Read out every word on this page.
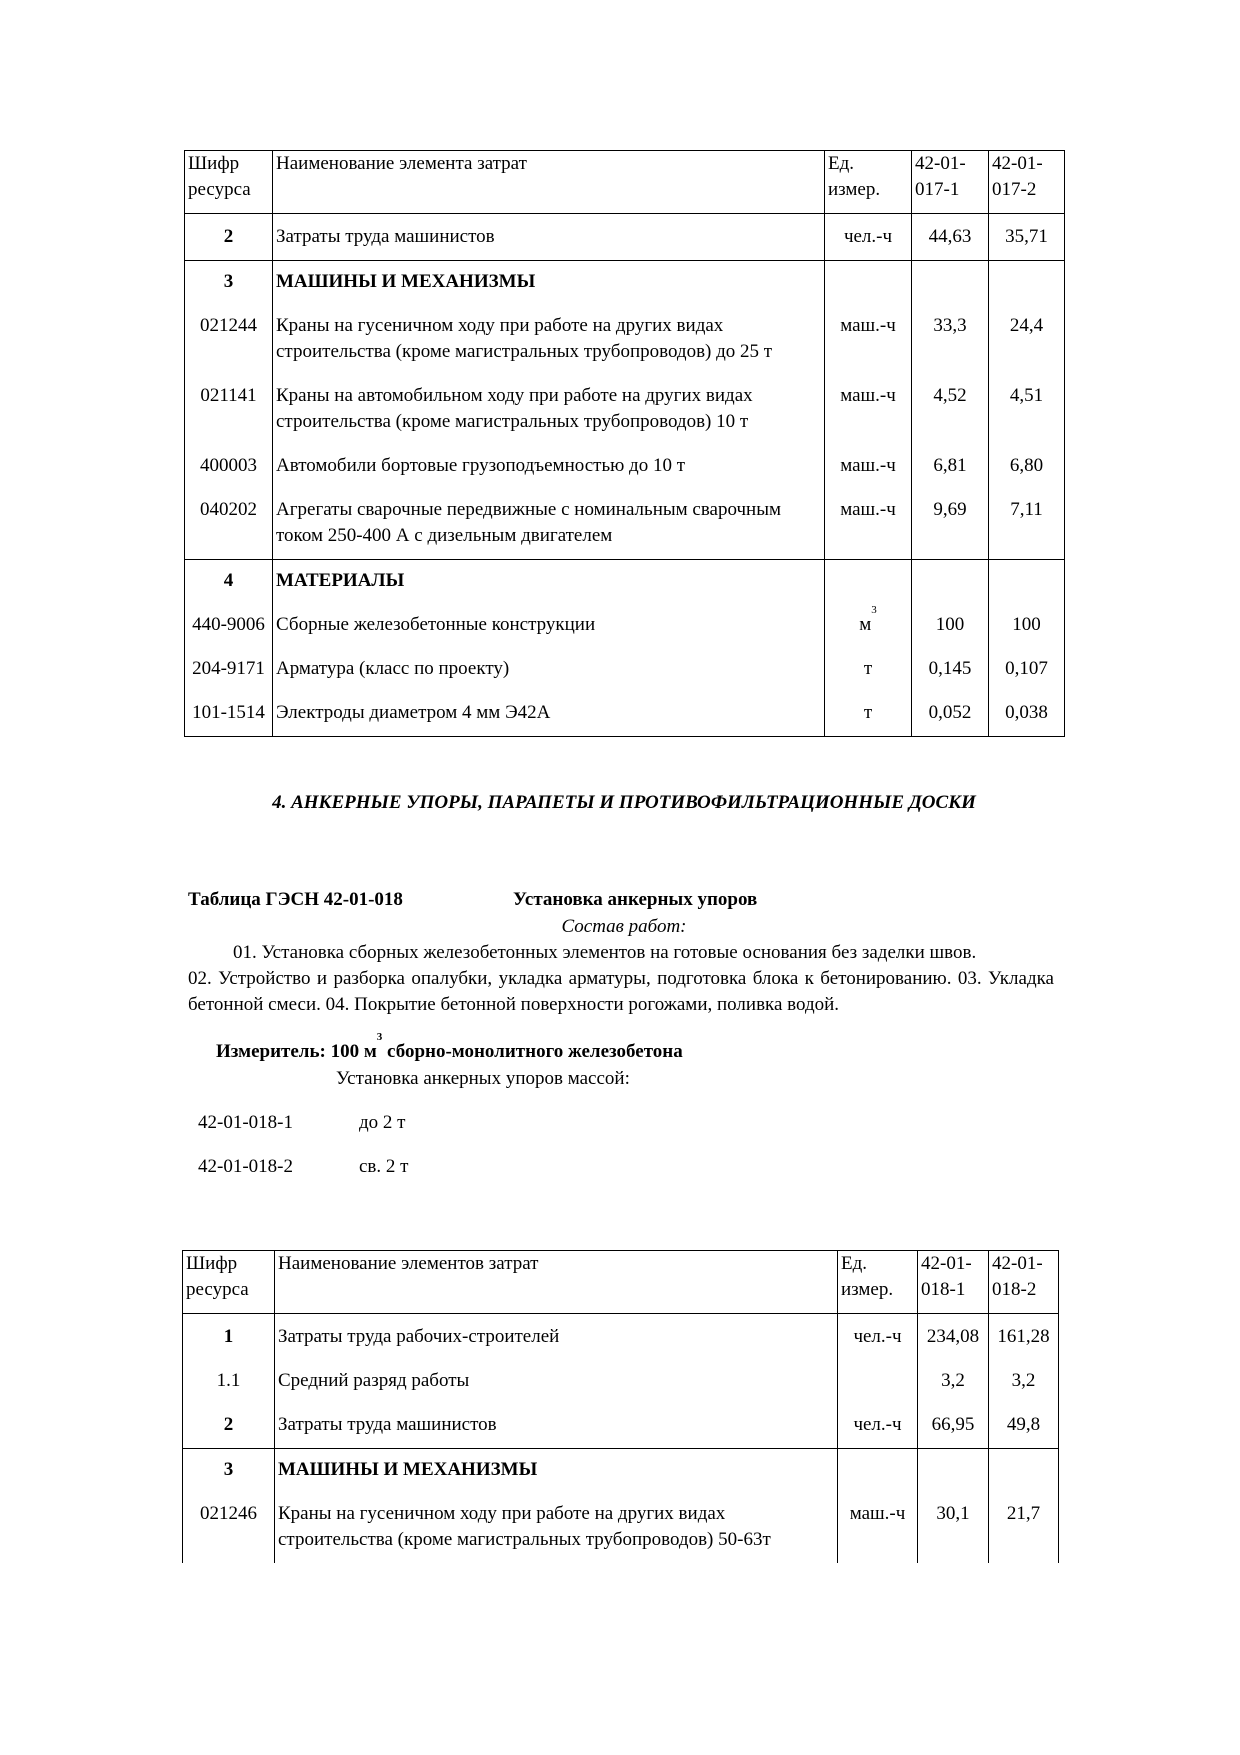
Шифр ресурса	Наименование элемента затрат	Ед. измер.	42-01-017-1	42-01-017-2
2	Затраты труда машинистов	чел.-ч	44,63	35,71
3	МАШИНЫ И МЕХАНИЗМЫ			
021244	Краны на гусеничном ходу при работе на других видах строительства (кроме магистральных трубопроводов) до 25 т	маш.-ч	33,3	24,4
021141	Краны на автомобильном ходу при работе на других видах строительства (кроме магистральных трубопроводов) 10 т	маш.-ч	4,52	4,51
400003	Автомобили бортовые грузоподъемностью до 10 т	маш.-ч	6,81	6,80
040202	Агрегаты сварочные передвижные с номинальным сварочным током 250-400 А с дизельным двигателем	маш.-ч	9,69	7,11
4	МАТЕРИАЛЫ			
440-9006	Сборные железобетонные конструкции	$м^3$	100	100
204-9171	Арматура (класс по проекту)	т	0,145	0,107
101-1514	Электроды диаметром 4 мм Э42А	т	0,052	0,038
4. АНКЕРНЫЕ УПОРЫ, ПАРАПЕТЫ И ПРОТИВОФИЛЬТРАЦИОННЫЕ ДОСКИ
Таблица ГЭСН 42-01-018	Установка анкерных упоров
Состав работ:
01. Установка сборных железобетонных элементов на готовые основания без заделки швов.
02. Устройство и разборка опалубки, укладка арматуры, подготовка блока к бетонированию. 03. Укладка бетонной смеси. 04. Покрытие бетонной поверхности рогожами, поливка водой.
Измеритель: 100 $м^3$ сборно-монолитного железобетона
Установка анкерных упоров массой:
42-01-018-1	до 2 т
42-01-018-2	св. 2 т
Шифр ресурса	Наименование элементов затрат	Ед. измер.	42-01-018-1	42-01-018-2
1	Затраты труда рабочих-строителей	чел.-ч	234,08	161,28
1.1	Средний разряд работы		3,2	3,2
2	Затраты труда машинистов	чел.-ч	66,95	49,8
3	МАШИНЫ И МЕХАНИЗМЫ			
021246	Краны на гусеничном ходу при работе на других видах строительства (кроме магистральных трубопроводов) 50-63т	маш.-ч	30,1	21,7
